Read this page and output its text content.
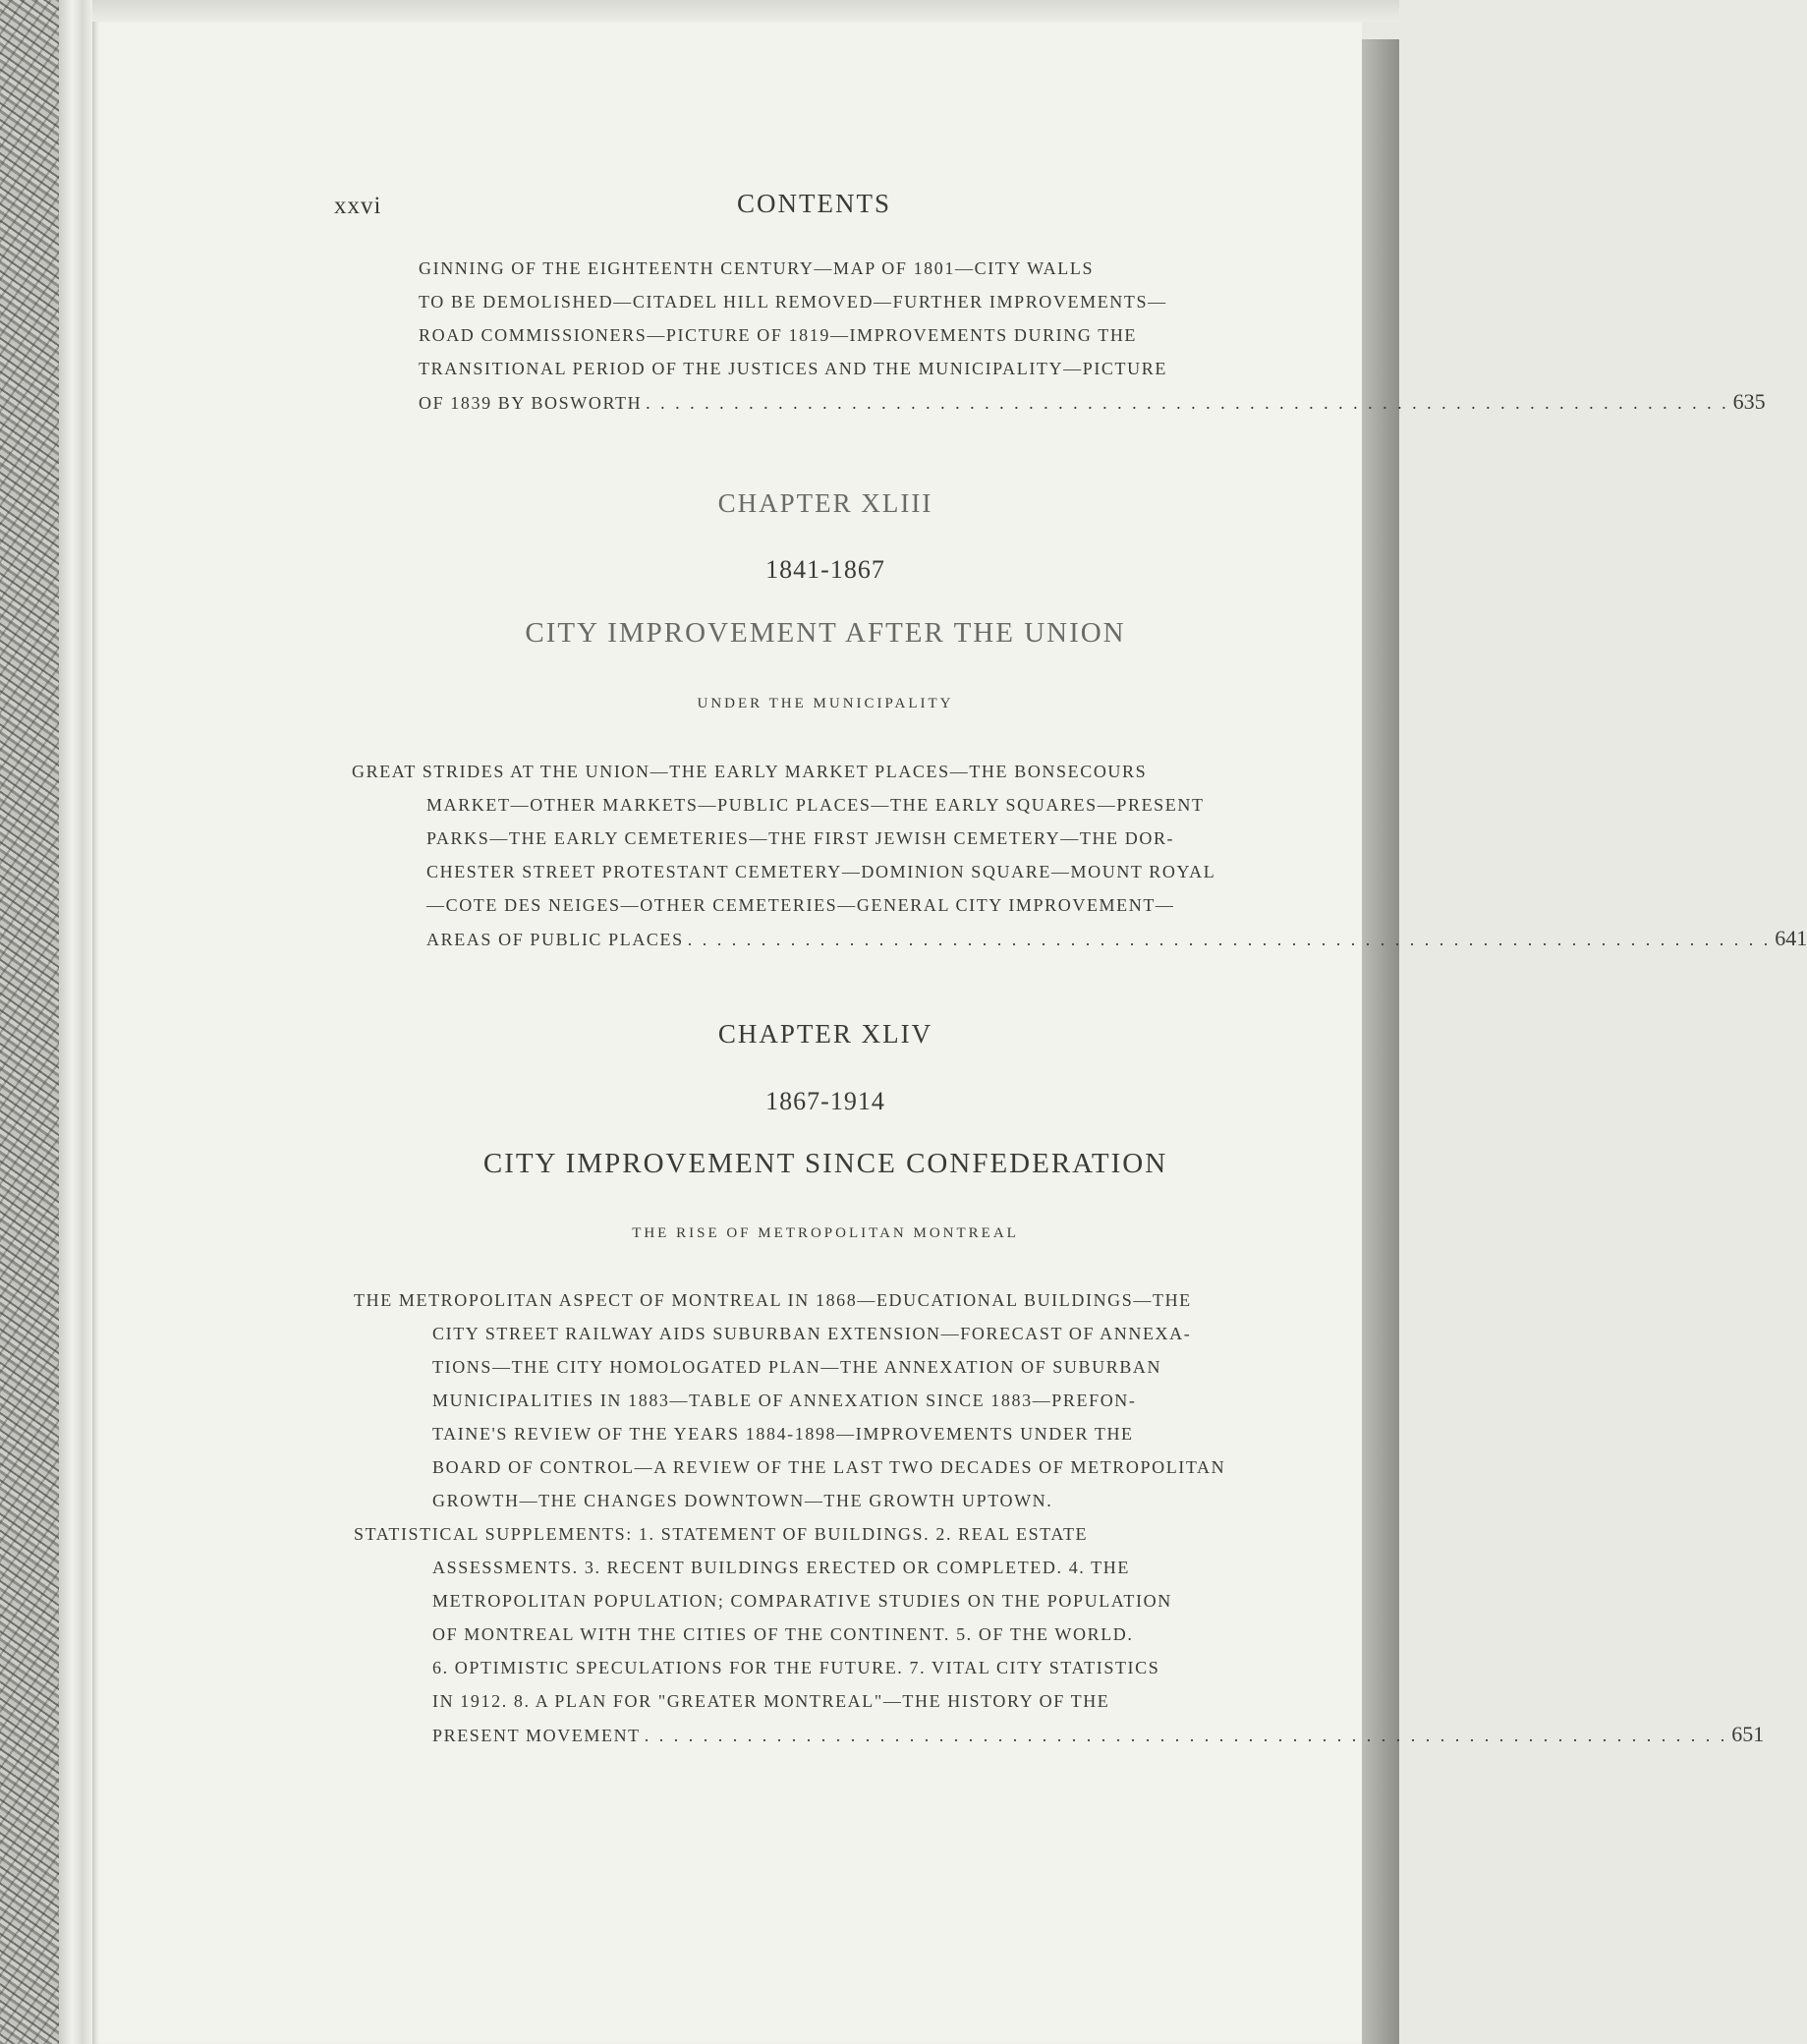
xxvi	CONTENTS
GINNING OF THE EIGHTEENTH CENTURY—MAP OF 1801—CITY WALLS
TO BE DEMOLISHED—CITADEL HILL REMOVED—FURTHER IMPROVEMENTS—
ROAD COMMISSIONERS—PICTURE OF 1819—IMPROVEMENTS DURING THE
TRANSITIONAL PERIOD OF THE JUSTICES AND THE MUNICIPALITY—PICTURE
OF 1839 BY BOSWORTH . . . . . . . . . . . . . . . . . . . . . . . . . . . . . . . . . . . . . . . . . . . . . . . . . . . . . . . . . . . . . . . . . . . . . . . . . . 635
CHAPTER XLIII
1841-1867
CITY IMPROVEMENT AFTER THE UNION
UNDER THE MUNICIPALITY
GREAT STRIDES AT THE UNION—THE EARLY MARKET PLACES—THE BONSECOURS
MARKET—OTHER MARKETS—PUBLIC PLACES—THE EARLY SQUARES—PRESENT
PARKS—THE EARLY CEMETERIES—THE FIRST JEWISH CEMETERY—THE DOR-
CHESTER STREET PROTESTANT CEMETERY—DOMINION SQUARE—MOUNT ROYAL
—COTE DES NEIGES—OTHER CEMETERIES—GENERAL CITY IMPROVEMENT—
AREAS OF PUBLIC PLACES . . . . . . . . . . . . . . . . . . . . . . . . . . . . . . . . . . . . . . . . . . . . . . . . . . . . . . . . . . . . . . . . . . . . . . . . . . 641
CHAPTER XLIV
1867-1914
CITY IMPROVEMENT SINCE CONFEDERATION
THE RISE OF METROPOLITAN MONTREAL
THE METROPOLITAN ASPECT OF MONTREAL IN 1868—EDUCATIONAL BUILDINGS—THE
CITY STREET RAILWAY AIDS SUBURBAN EXTENSION—FORECAST OF ANNEXA-
TIONS—THE CITY HOMOLOGATED PLAN—THE ANNEXATION OF SUBURBAN
MUNICIPALITIES IN 1883—TABLE OF ANNEXATION SINCE 1883—PREFON-
TAINE'S REVIEW OF THE YEARS 1884-1898—IMPROVEMENTS UNDER THE
BOARD OF CONTROL—A REVIEW OF THE LAST TWO DECADES OF METROPOLITAN
GROWTH—THE CHANGES DOWNTOWN—THE GROWTH UPTOWN.
STATISTICAL SUPPLEMENTS: 1. STATEMENT OF BUILDINGS. 2. REAL ESTATE
ASSESSMENTS. 3. RECENT BUILDINGS ERECTED OR COMPLETED. 4. THE
METROPOLITAN POPULATION; COMPARATIVE STUDIES ON THE POPULATION
OF MONTREAL WITH THE CITIES OF THE CONTINENT. 5. OF THE WORLD.
6. OPTIMISTIC SPECULATIONS FOR THE FUTURE. 7. VITAL CITY STATISTICS
IN 1912. 8. A PLAN FOR "GREATER MONTREAL"—THE HISTORY OF THE
PRESENT MOVEMENT . . . . . . . . . . . . . . . . . . . . . . . . . . . . . . . . . . . . . . . . . . . . . . . . . . . . . . . . . . . . . . . . . . . . . . . . . . 651
